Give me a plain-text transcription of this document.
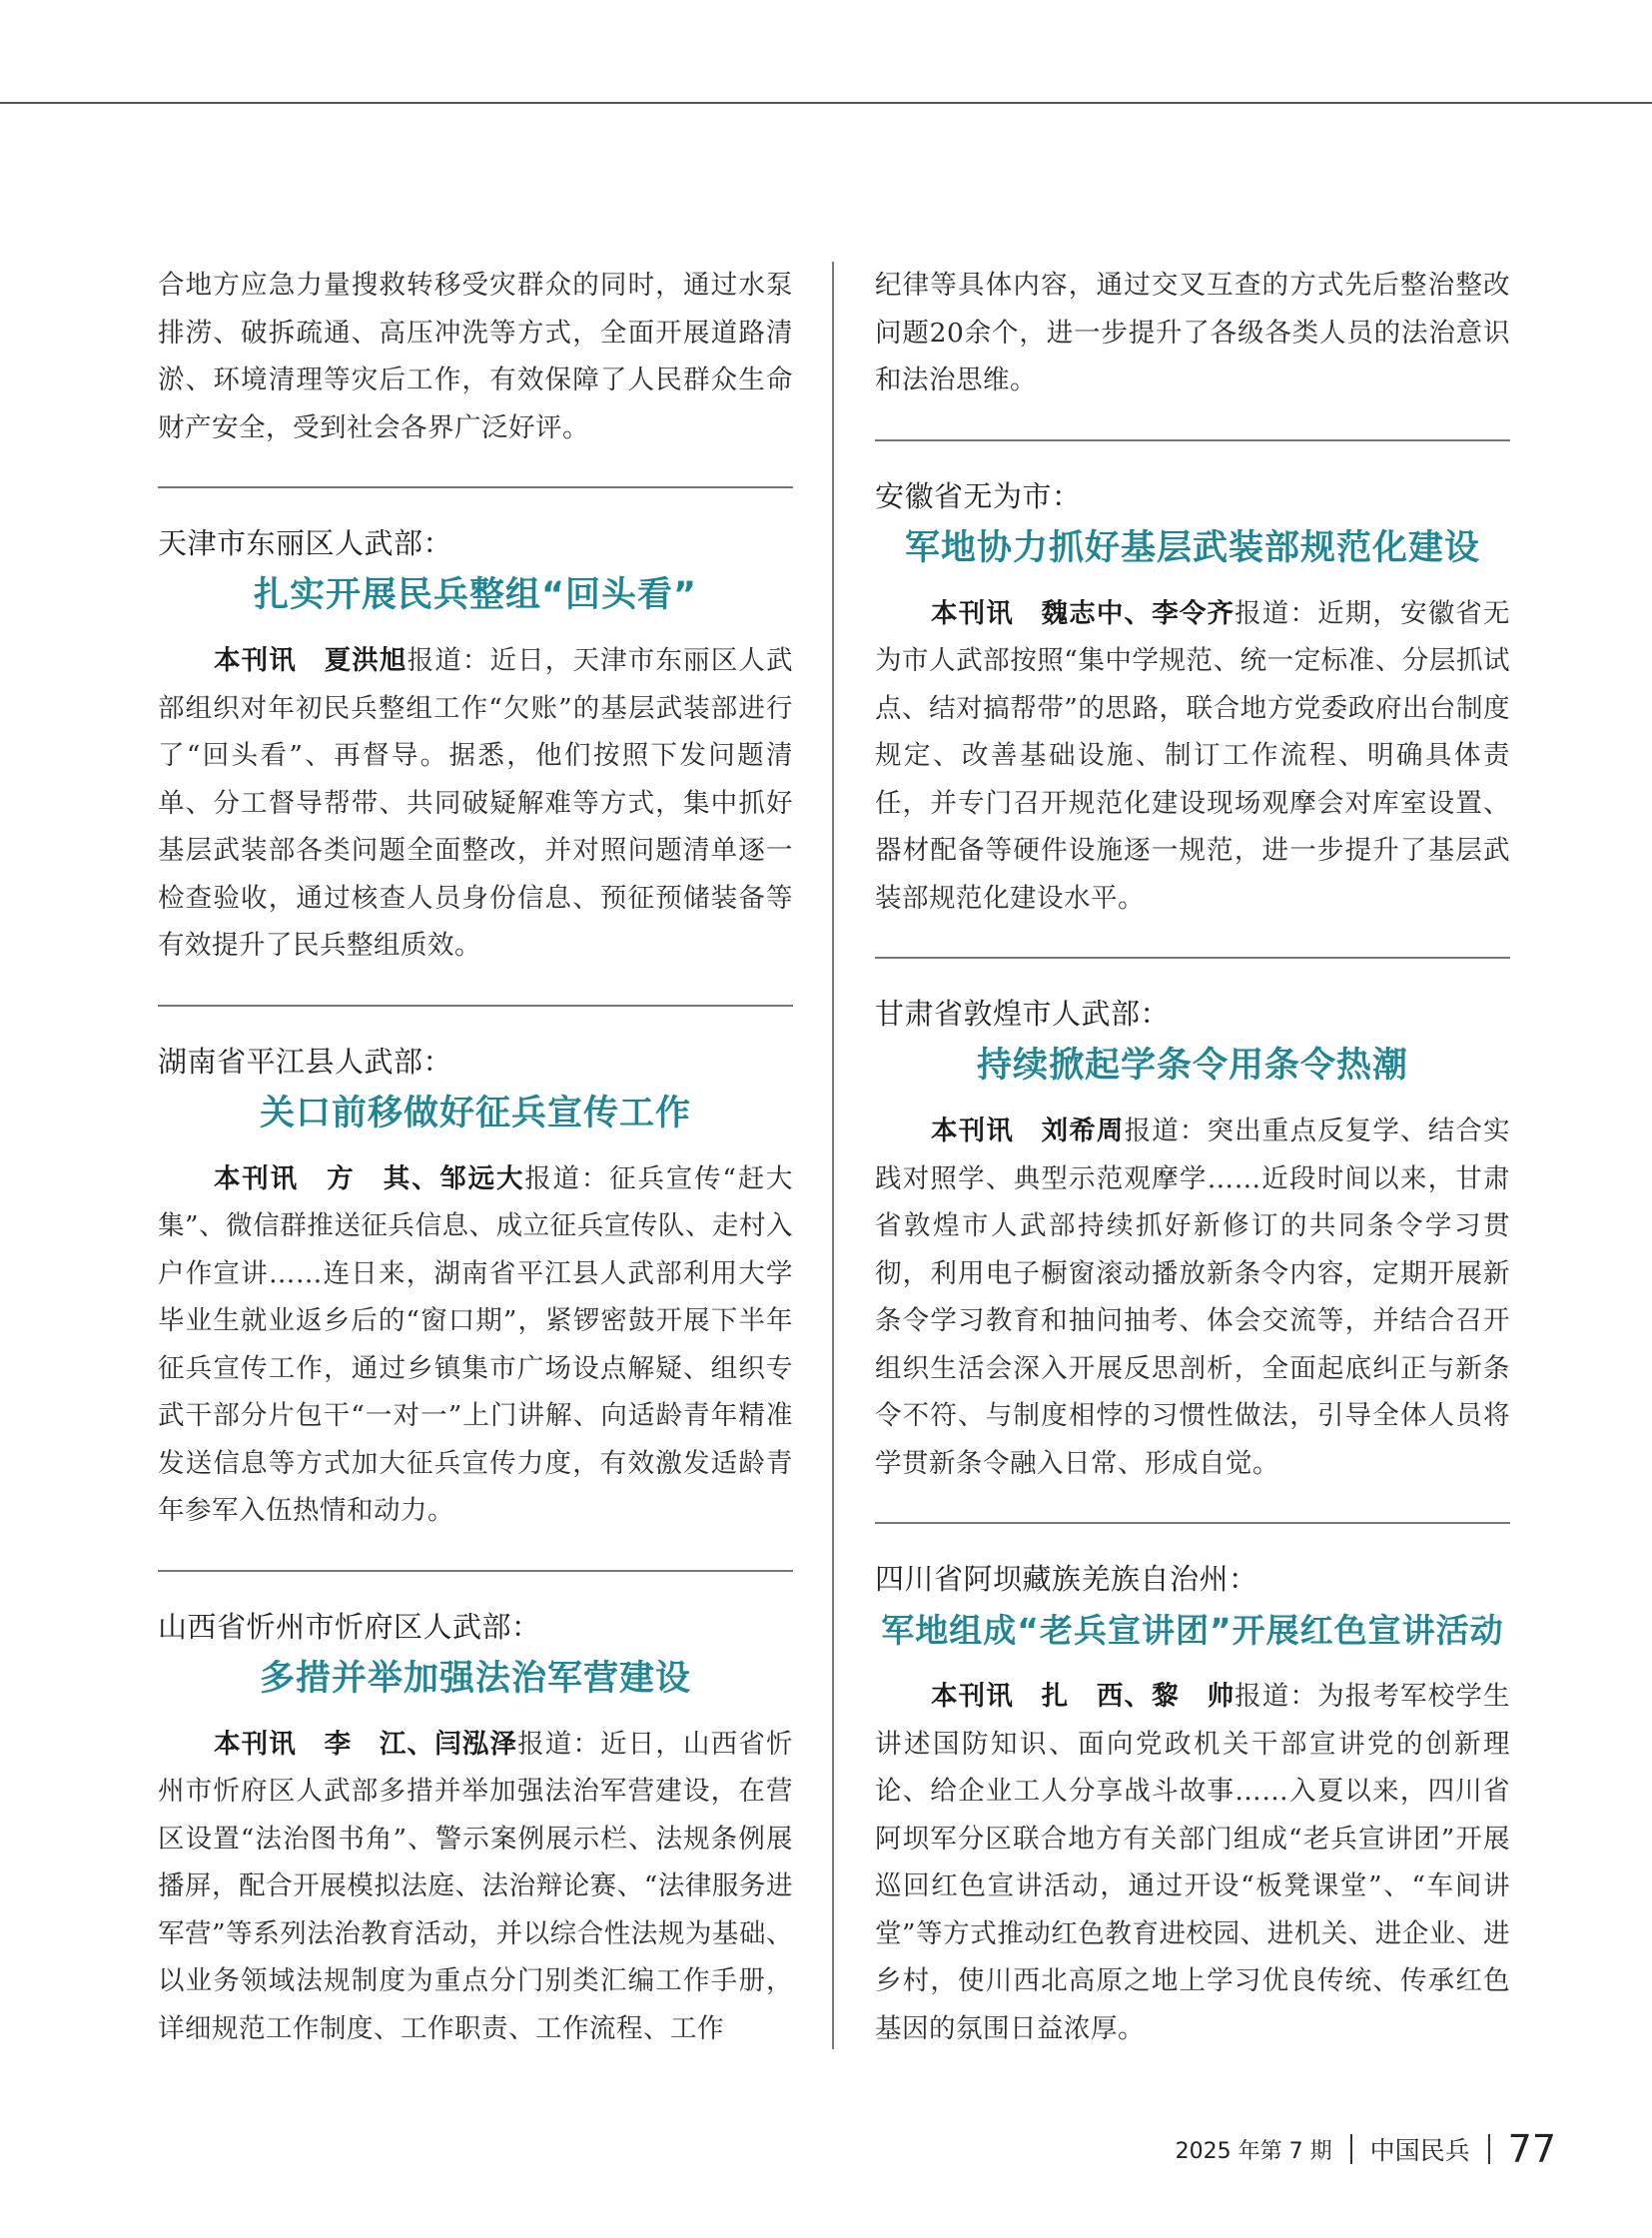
合地方应急力量搜救转移受灾群众的同时，通过水泵排涝、破拆疏通、高压冲洗等方式，全面开展道路清淤、环境清理等灾后工作，有效保障了人民群众生命财产安全，受到社会各界广泛好评。

天津市东丽区人武部：

扎实开展民兵整组“回头看”

本刊讯　夏洪旭报道：近日，天津市东丽区人武部组织对年初民兵整组工作“欠账”的基层武装部进行了“回头看”、再督导。据悉，他们按照下发问题清单、分工督导帮带、共同破疑解难等方式，集中抓好基层武装部各类问题全面整改，并对照问题清单逐一检查验收，通过核查人员身份信息、预征预储装备等有效提升了民兵整组质效。

湖南省平江县人武部：

关口前移做好征兵宣传工作

本刊讯　方　其、邹远大报道：征兵宣传“赶大集”、微信群推送征兵信息、成立征兵宣传队、走村入户作宣讲……连日来，湖南省平江县人武部利用大学毕业生就业返乡后的“窗口期”，紧锣密鼓开展下半年征兵宣传工作，通过乡镇集市广场设点解疑、组织专武干部分片包干“一对一”上门讲解、向适龄青年精准发送信息等方式加大征兵宣传力度，有效激发适龄青年参军入伍热情和动力。

山西省忻州市忻府区人武部：

多措并举加强法治军营建设

本刊讯　李　江、闫泓泽报道：近日，山西省忻州市忻府区人武部多措并举加强法治军营建设，在营区设置“法治图书角”、警示案例展示栏、法规条例展播屏，配合开展模拟法庭、法治辩论赛、“法律服务进军营”等系列法治教育活动，并以综合性法规为基础、以业务领域法规制度为重点分门别类汇编工作手册，详细规范工作制度、工作职责、工作流程、工作

纪律等具体内容，通过交叉互查的方式先后整治整改问题20余个，进一步提升了各级各类人员的法治意识和法治思维。

安徽省无为市：

军地协力抓好基层武装部规范化建设

本刊讯　魏志中、李令齐报道：近期，安徽省无为市人武部按照“集中学规范、统一定标准、分层抓试点、结对搞帮带”的思路，联合地方党委政府出台制度规定、改善基础设施、制订工作流程、明确具体责任，并专门召开规范化建设现场观摩会对库室设置、器材配备等硬件设施逐一规范，进一步提升了基层武装部规范化建设水平。

甘肃省敦煌市人武部：

持续掀起学条令用条令热潮

本刊讯　刘希周报道：突出重点反复学、结合实践对照学、典型示范观摩学……近段时间以来，甘肃省敦煌市人武部持续抓好新修订的共同条令学习贯彻，利用电子橱窗滚动播放新条令内容，定期开展新条令学习教育和抽问抽考、体会交流等，并结合召开组织生活会深入开展反思剖析，全面起底纠正与新条令不符、与制度相悖的习惯性做法，引导全体人员将学贯新条令融入日常、形成自觉。

四川省阿坝藏族羌族自治州：

军地组成“老兵宣讲团”开展红色宣讲活动

本刊讯　扎　西、黎　帅报道：为报考军校学生讲述国防知识、面向党政机关干部宣讲党的创新理论、给企业工人分享战斗故事……入夏以来，四川省阿坝军分区联合地方有关部门组成“老兵宣讲团”开展巡回红色宣讲活动，通过开设“板凳课堂”、“车间讲堂”等方式推动红色教育进校园、进机关、进企业、进乡村，使川西北高原之地上学习优良传统、传承红色基因的氛围日益浓厚。

2025 年第 7 期 中国民兵 77
